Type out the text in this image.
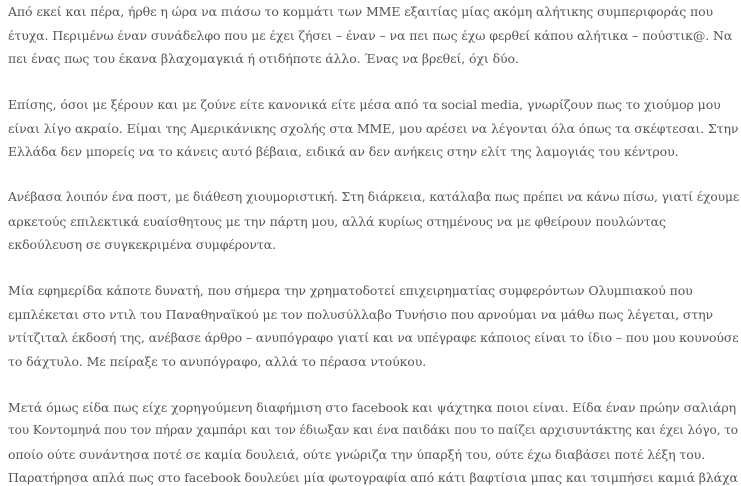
Από εκεί και πέρα, ήρθε η ώρα να πιάσω το κομμάτι των ΜΜΕ εξαιτίας μίας ακόμη αλήτικης συμπεριφοράς που
έτυχα. Περιμένω έναν συνάδελφο που με έχει ζήσει – έναν – να πει πως έχω φερθεί κάπου αλήτικα – πούστικ@. Να
πει ένας πως του έκανα βλαχομαγκιά ή οτιδήποτε άλλο. Ένας να βρεθεί, όχι δύο.

Επίσης, όσοι με ξέρουν και με ζούνε είτε κανονικά είτε μέσα από τα social media, γνωρίζουν πως το χιούμορ μου
είναι λίγο ακραίο. Είμαι της Αμερικάνικης σχολής στα ΜΜΕ, μου αρέσει να λέγονται όλα όπως τα σκέφτεσαι. Στην
Ελλάδα δεν μπορείς να το κάνεις αυτό βέβαια, ειδικά αν δεν ανήκεις στην ελίτ της λαμογιάς του κέντρου.

Ανέβασα λοιπόν ένα ποστ, με διάθεση χιουμοριστική. Στη διάρκεια, κατάλαβα πως πρέπει να κάνω πίσω, γιατί έχουμε
αρκετούς επιλεκτικά ευαίσθητους με την πάρτη μου, αλλά κυρίως στημένους να με φθείρουν πουλώντας
εκδούλευση σε συγκεκριμένα συμφέροντα.

Μία εφημερίδα κάποτε δυνατή, που σήμερα την χρηματοδοτεί επιχειρηματίας συμφερόντων Ολυμπιακού που
εμπλέκεται στο ντιλ του Παναθηναϊκού με τον πολυσύλλαβο Τυνήσιο που αρνούμαι να μάθω πως λέγεται, στην
ντίτζιταλ έκδοσή της, ανέβασε άρθρο – ανυπόγραφο γιατί και να υπέγραφε κάποιος είναι το ίδιο – που μου κουνούσε
το δάχτυλο. Με πείραξε το ανυπόγραφο, αλλά το πέρασα ντούκου.

Μετά όμως είδα πως είχε χορηγούμενη διαφήμιση στο facebook και ψάχτηκα ποιοι είναι. Είδα έναν πρώην σαλιάρη
του Κοντομηνά που τον πήραν χαμπάρι και τον έδιωξαν και ένα παιδάκι που το παίζει αρχισυντάκτης και έχει λόγο, το
οποίο ούτε συνάντησα ποτέ σε καμία δουλειά, ούτε γνώριζα την ύπαρξή του, ούτε έχω διαβάσει ποτέ λέξη του.
Παρατήρησα απλά πως στο facebook δουλεύει μία φωτογραφία από κάτι βαφτίσια μπας και τσιμπήσει καμιά βλάχα
